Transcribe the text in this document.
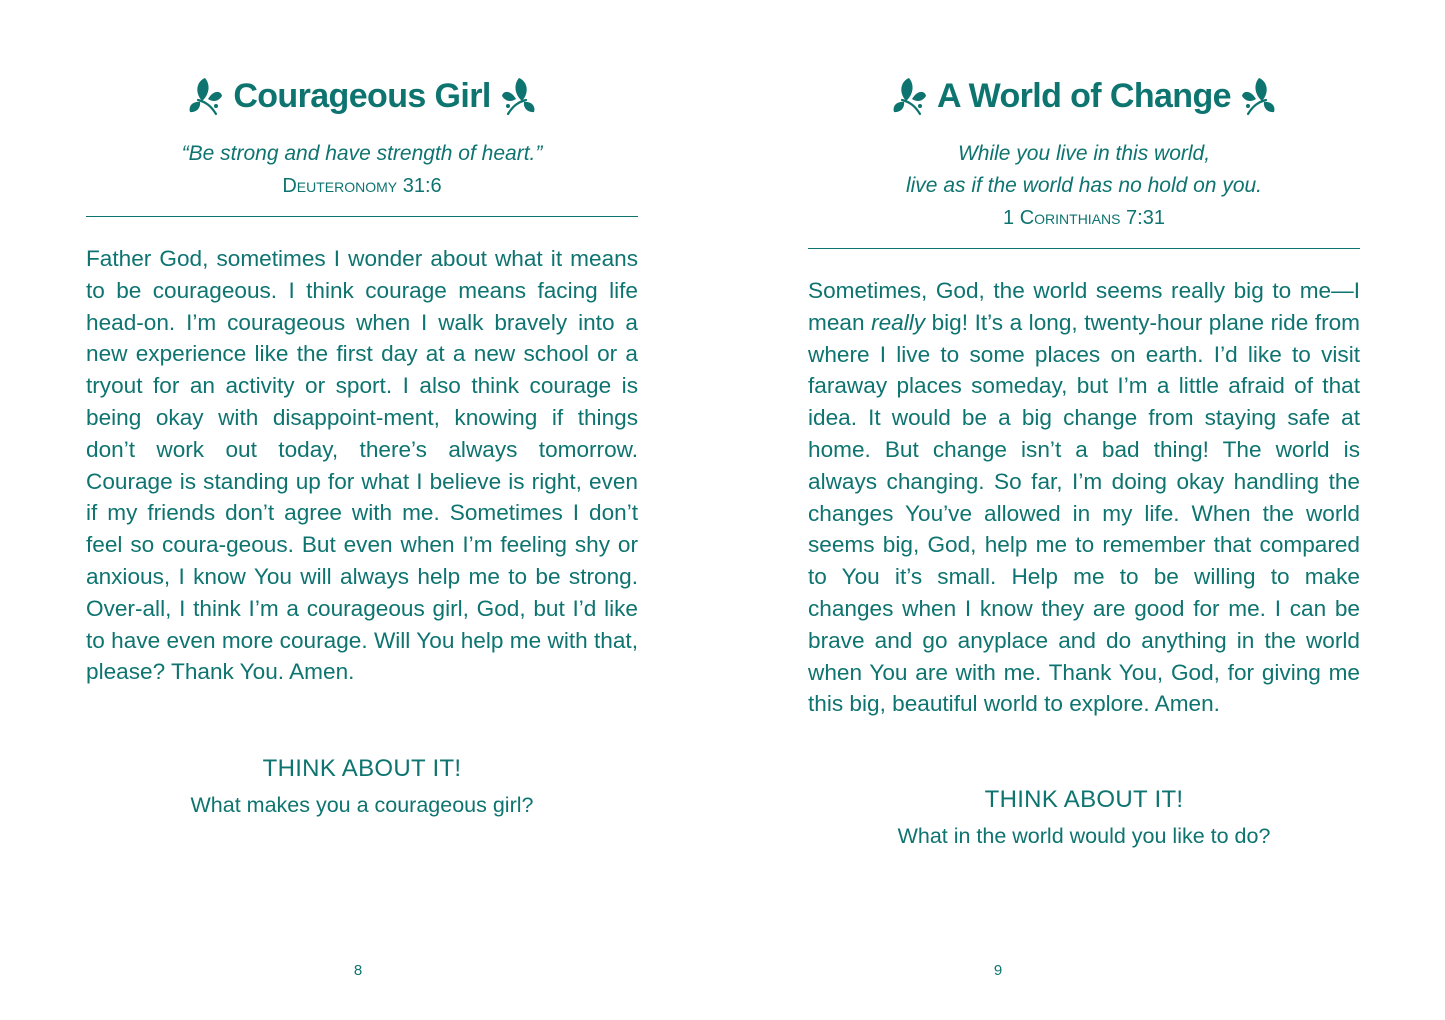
Courageous Girl
“Be strong and have strength of heart.”
Deuteronomy 31:6
Father God, sometimes I wonder about what it means to be courageous. I think courage means facing life head-on. I’m courageous when I walk bravely into a new experience like the first day at a new school or a tryout for an activity or sport. I also think courage is being okay with disappoint-ment, knowing if things don’t work out today, there’s always tomorrow. Courage is standing up for what I believe is right, even if my friends don’t agree with me. Sometimes I don’t feel so coura-geous. But even when I’m feeling shy or anxious, I know You will always help me to be strong. Over-all, I think I’m a courageous girl, God, but I’d like to have even more courage. Will You help me with that, please? Thank You. Amen.
THINK ABOUT IT!
What makes you a courageous girl?
8
A World of Change
While you live in this world,
live as if the world has no hold on you.
1 Corinthians 7:31
Sometimes, God, the world seems really big to me—I mean really big! It’s a long, twenty-hour plane ride from where I live to some places on earth. I’d like to visit faraway places someday, but I’m a little afraid of that idea. It would be a big change from staying safe at home. But change isn’t a bad thing! The world is always changing. So far, I’m doing okay handling the changes You’ve allowed in my life. When the world seems big, God, help me to remember that compared to You it’s small. Help me to be willing to make changes when I know they are good for me. I can be brave and go anyplace and do anything in the world when You are with me. Thank You, God, for giving me this big, beautiful world to explore. Amen.
THINK ABOUT IT!
What in the world would you like to do?
9
